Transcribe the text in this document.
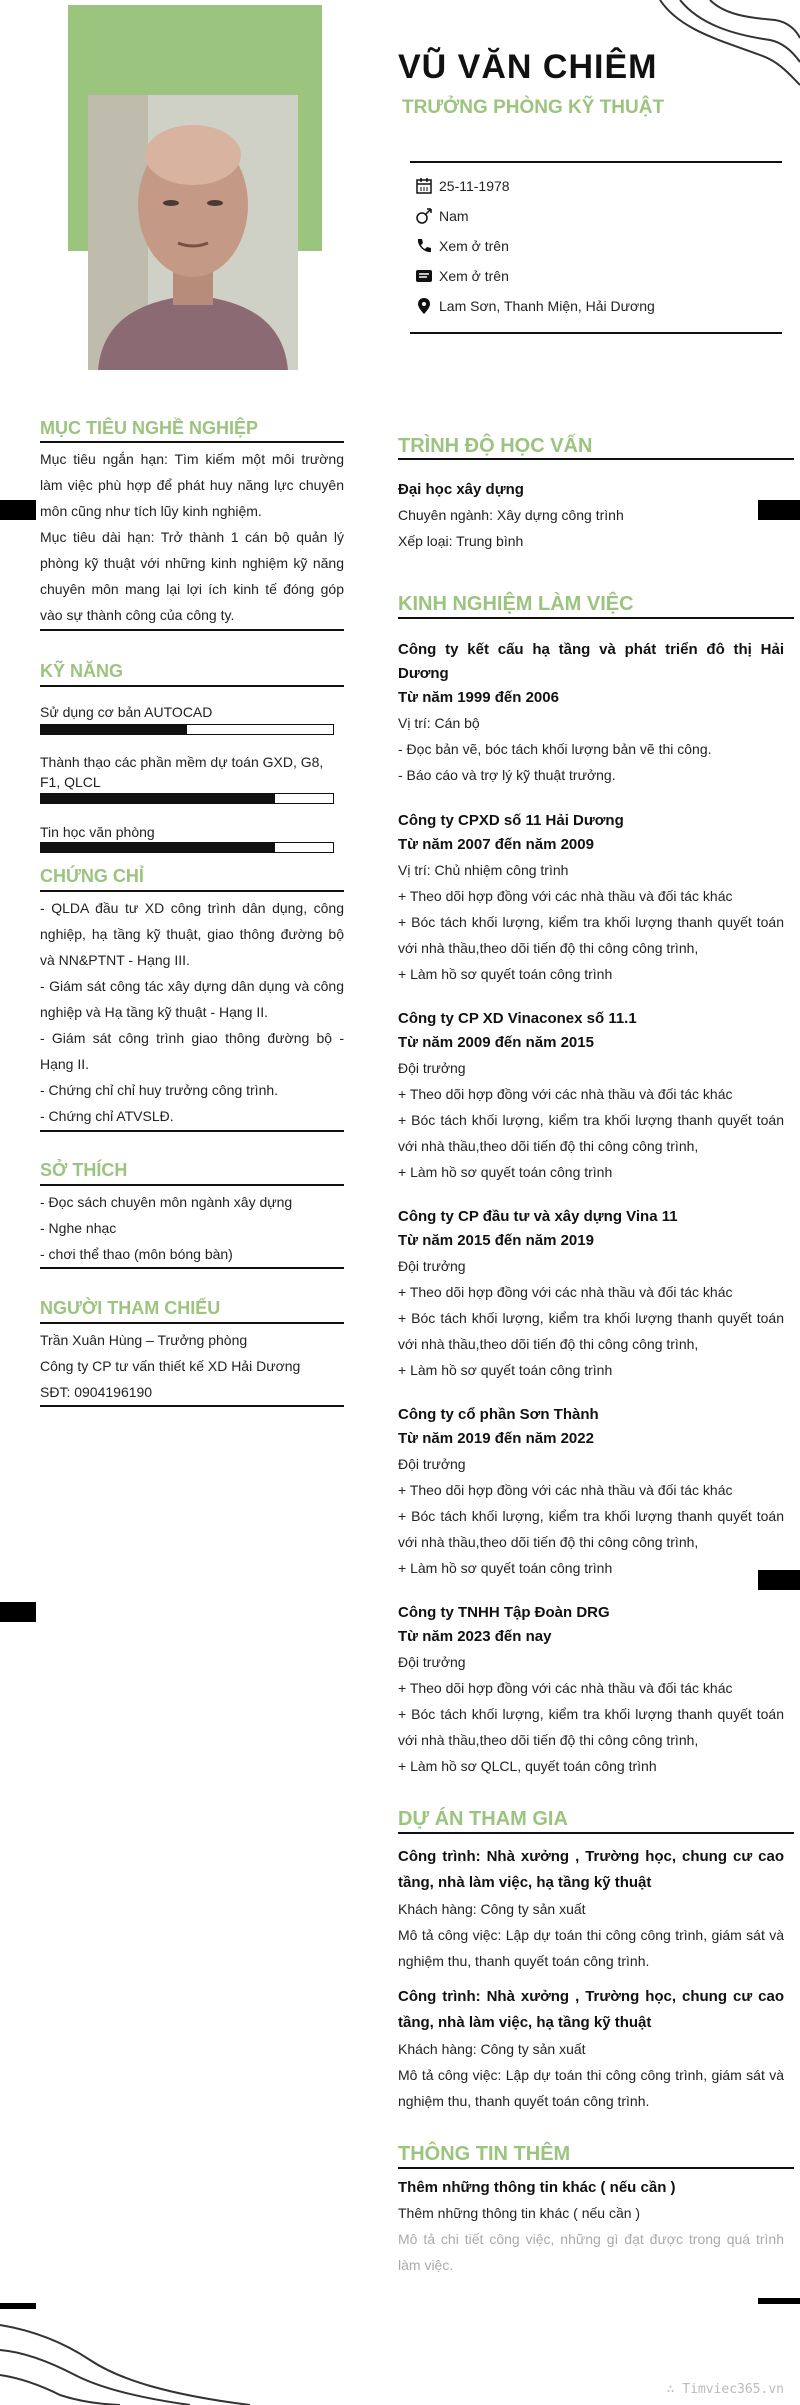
VŨ VĂN CHIÊM
TRƯỞNG PHÒNG KỸ THUẬT
25-11-1978
Nam
Xem ở trên
Xem ở trên
Lam Sơn, Thanh Miện, Hải Dương
MỤC TIÊU NGHỀ NGHIỆP
Mục tiêu ngắn hạn: Tìm kiếm một môi trường làm việc phù hợp để phát huy năng lực chuyên môn cũng như tích lũy kinh nghiệm.
Mục tiêu dài hạn: Trở thành 1 cán bộ quản lý phòng kỹ thuật với những kinh nghiệm kỹ năng chuyên môn mang lại lợi ích kinh tế đóng góp vào sự thành công của công ty.
KỸ NĂNG
Sử dụng cơ bản AUTOCAD
Thành thạo các phần mềm dự toán GXD, G8, F1, QLCL
Tin học văn phòng
CHỨNG CHỈ
- QLDA đầu tư XD công trình dân dụng, công nghiệp, hạ tầng kỹ thuật, giao thông đường bộ và NN&PTNT - Hạng III.
- Giám sát công tác xây dựng dân dụng và công nghiệp và Hạ tầng kỹ thuật - Hạng II.
- Giám sát công trình giao thông đường bộ - Hạng II.
- Chứng chỉ chỉ huy trưởng công trình.
- Chứng chỉ ATVSLĐ.
SỞ THÍCH
- Đọc sách chuyên môn ngành xây dựng
- Nghe nhạc
- chơi thể thao (môn bóng bàn)
NGƯỜI THAM CHIẾU
Trần Xuân Hùng – Trưởng phòng
Công ty CP tư vấn thiết kế XD Hải Dương
SĐT: 0904196190
TRÌNH ĐỘ HỌC VẤN
Đại học xây dựng
Chuyên ngành: Xây dựng công trình
Xếp loại: Trung bình
KINH NGHIỆM LÀM VIỆC
Công ty kết cấu hạ tầng và phát triển đô thị Hải Dương
Từ năm 1999 đến 2006
Vị trí: Cán bộ
- Đọc bản vẽ, bóc tách khối lượng bản vẽ thi công.
- Báo cáo và trợ lý kỹ thuật trưởng.
Công ty CPXD số 11 Hải Dương
Từ năm 2007 đến năm 2009
Vị trí: Chủ nhiệm công trình
+ Theo dõi hợp đồng với các nhà thầu và đối tác khác
+ Bóc tách khối lượng, kiểm tra khối lượng thanh quyết toán với nhà thầu,theo dõi tiến độ thi công công trình,
+ Làm hồ sơ quyết toán công trình
Công ty CP XD Vinaconex số 11.1
Từ năm 2009 đến năm 2015
Đội trưởng
+ Theo dõi hợp đồng với các nhà thầu và đối tác khác
+ Bóc tách khối lượng, kiểm tra khối lượng thanh quyết toán với nhà thầu,theo dõi tiến độ thi công công trình,
+ Làm hồ sơ quyết toán công trình
Công ty CP đầu tư và xây dựng Vina 11
Từ năm 2015 đến năm 2019
Đội trưởng
+ Theo dõi hợp đồng với các nhà thầu và đối tác khác
+ Bóc tách khối lượng, kiểm tra khối lượng thanh quyết toán với nhà thầu,theo dõi tiến độ thi công công trình,
+ Làm hồ sơ quyết toán công trình
Công ty cổ phần Sơn Thành
Từ năm 2019 đến năm 2022
Đội trưởng
+ Theo dõi hợp đồng với các nhà thầu và đối tác khác
+ Bóc tách khối lượng, kiểm tra khối lượng thanh quyết toán với nhà thầu,theo dõi tiến độ thi công công trình,
+ Làm hồ sơ quyết toán công trình
Công ty TNHH Tập Đoàn DRG
Từ năm 2023 đến nay
Đội trưởng
+ Theo dõi hợp đồng với các nhà thầu và đối tác khác
+ Bóc tách khối lượng, kiểm tra khối lượng thanh quyết toán với nhà thầu,theo dõi tiến độ thi công công trình,
+ Làm hồ sơ QLCL, quyết toán công trình
DỰ ÁN THAM GIA
Công trình: Nhà xưởng , Trường học, chung cư cao tầng, nhà làm việc, hạ tầng kỹ thuật
Khách hàng: Công ty sản xuất
Mô tả công việc: Lập dự toán thi công công trình, giám sát và nghiệm thu, thanh quyết toán công trình.
Công trình: Nhà xưởng , Trường học, chung cư cao tầng, nhà làm việc, hạ tầng kỹ thuật
Khách hàng: Công ty sản xuất
Mô tả công việc: Lập dự toán thi công công trình, giám sát và nghiệm thu, thanh quyết toán công trình.
THÔNG TIN THÊM
Thêm những thông tin khác ( nếu cần )
Thêm những thông tin khác ( nếu cần )
Mô tả chi tiết công việc, những gì đạt được trong quá trình làm việc.
∴ Timviec365.vn
